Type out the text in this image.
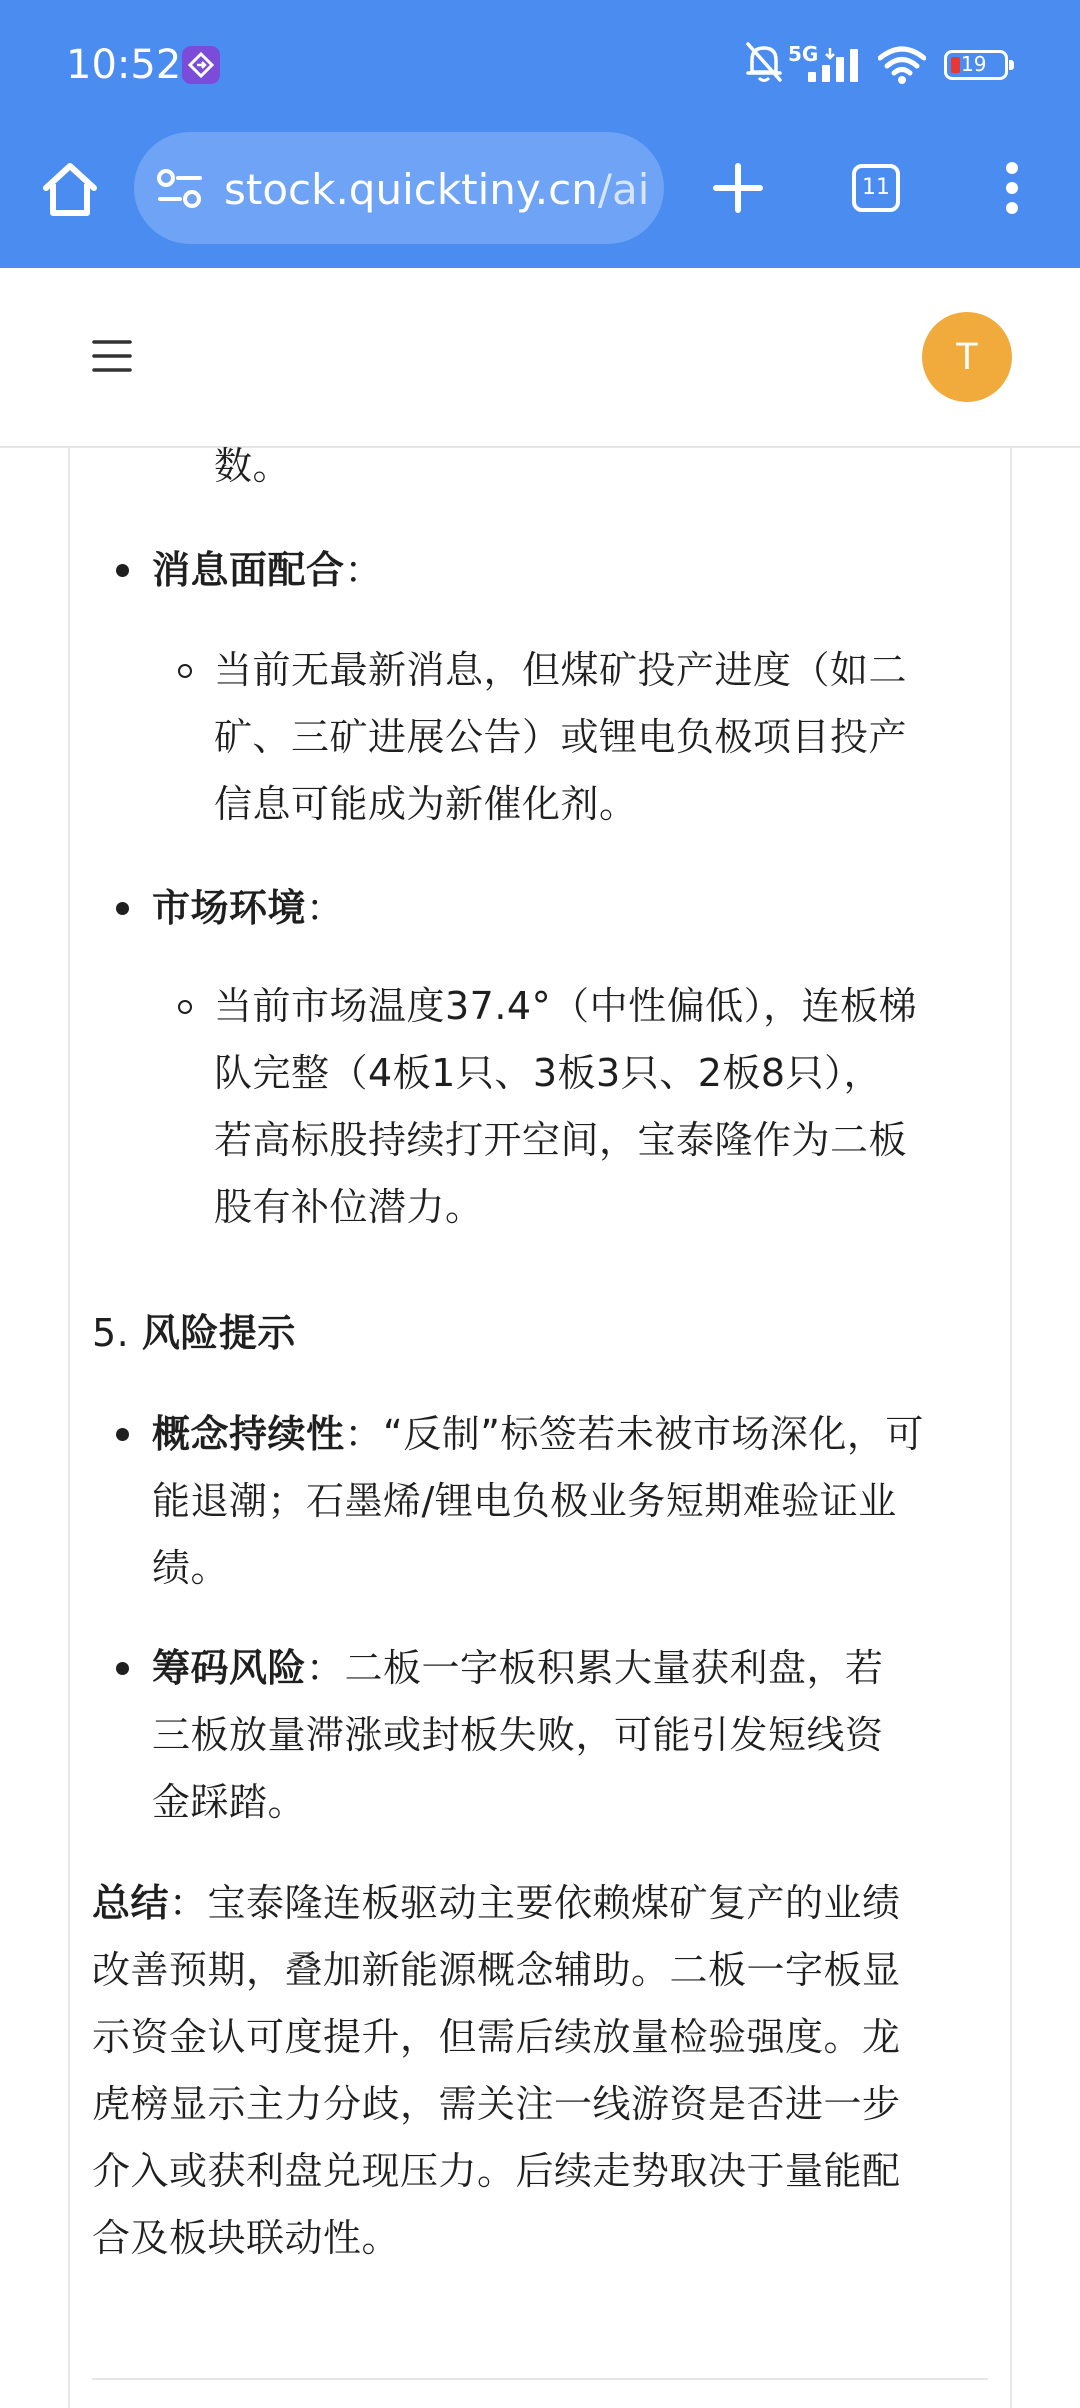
10:52	5G	19
stock.quicktiny.cn/ai	11
T
数。
消息面配合：
当前无最新消息，但煤矿投产进度（如二
矿、三矿进展公告）或锂电负极项目投产
信息可能成为新催化剂。
市场环境：
当前市场温度37.4°（中性偏低），连板梯
队完整（4板1只、3板3只、2板8只），
若高标股持续打开空间，宝泰隆作为二板
股有补位潜力。
5. 风险提示
概念持续性：“反制”标签若未被市场深化，可
能退潮；石墨烯/锂电负极业务短期难验证业
绩。
筹码风险：二板一字板积累大量获利盘，若
三板放量滞涨或封板失败，可能引发短线资
金踩踏。
总结：宝泰隆连板驱动主要依赖煤矿复产的业绩
改善预期，叠加新能源概念辅助。二板一字板显
示资金认可度提升，但需后续放量检验强度。龙
虎榜显示主力分歧，需关注一线游资是否进一步
介入或获利盘兑现压力。后续走势取决于量能配
合及板块联动性。
